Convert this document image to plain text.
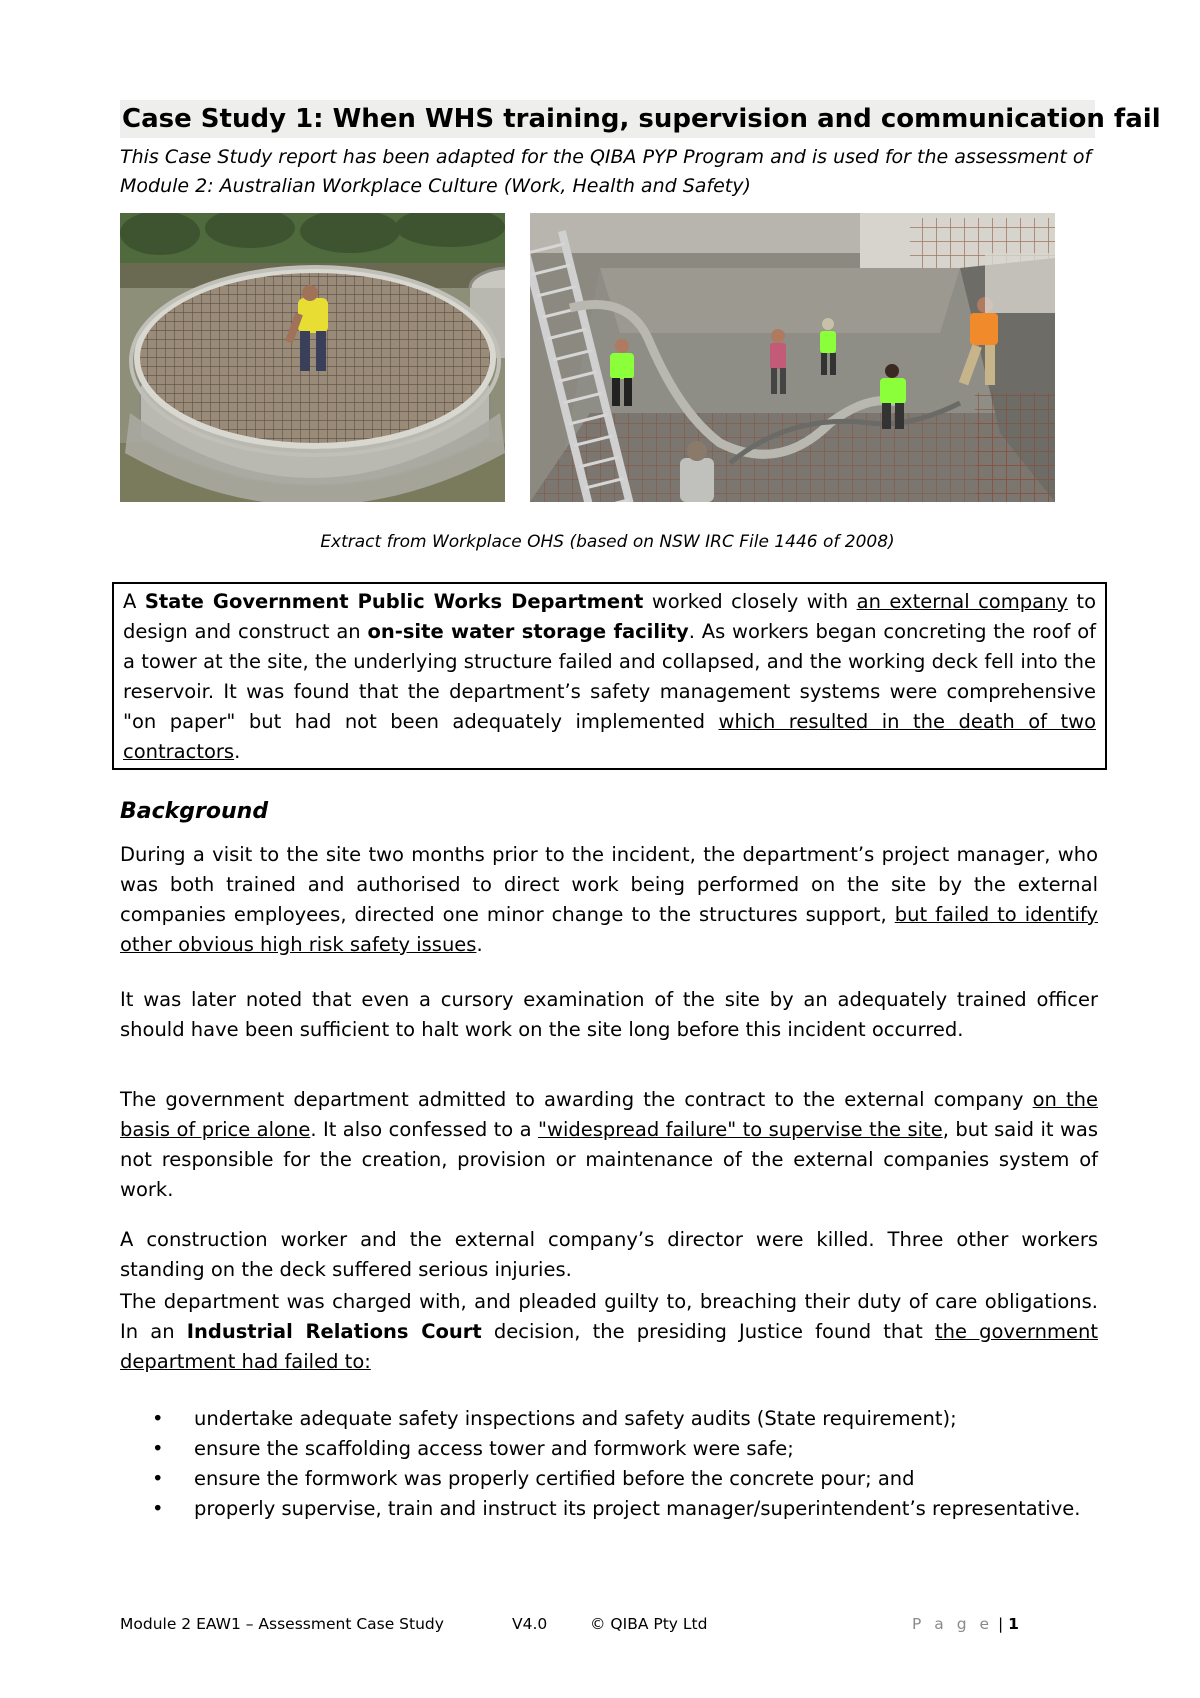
Case Study 1: When WHS training, supervision and communication fail
This Case Study report has been adapted for the QIBA PYP Program and is used for the assessment of Module 2: Australian Workplace Culture (Work, Health and Safety)
Extract from Workplace OHS (based on NSW IRC File 1446 of 2008)
A State Government Public Works Department worked closely with an external company to design and construct an on-site water storage facility. As workers began concreting the roof of a tower at the site, the underlying structure failed and collapsed, and the working deck fell into the reservoir. It was found that the department’s safety management systems were comprehensive "on paper" but had not been adequately implemented which resulted in the death of two contractors.
Background

During a visit to the site two months prior to the incident, the department’s project manager, who was both trained and authorised to direct work being performed on the site by the external companies employees, directed one minor change to the structures support, but failed to identify other obvious high risk safety issues.

It was later noted that even a cursory examination of the site by an adequately trained officer should have been sufficient to halt work on the site long before this incident occurred.

The government department admitted to awarding the contract to the external company on the basis of price alone. It also confessed to a "widespread failure" to supervise the site, but said it was not responsible for the creation, provision or maintenance of the external companies system of work.

A construction worker and the external company’s director were killed. Three other workers standing on the deck suffered serious injuries.

The department was charged with, and pleaded guilty to, breaching their duty of care obligations. In an Industrial Relations Court decision, the presiding Justice found that the government department had failed to:

• undertake adequate safety inspections and safety audits (State requirement);
• ensure the scaffolding access tower and formwork were safe;
• ensure the formwork was properly certified before the concrete pour; and
• properly supervise, train and instruct its project manager/superintendent’s representative.
Module 2 EAW1 – Assessment Case Study	V4.0	© QIBA Pty Ltd	P a g e | 1
